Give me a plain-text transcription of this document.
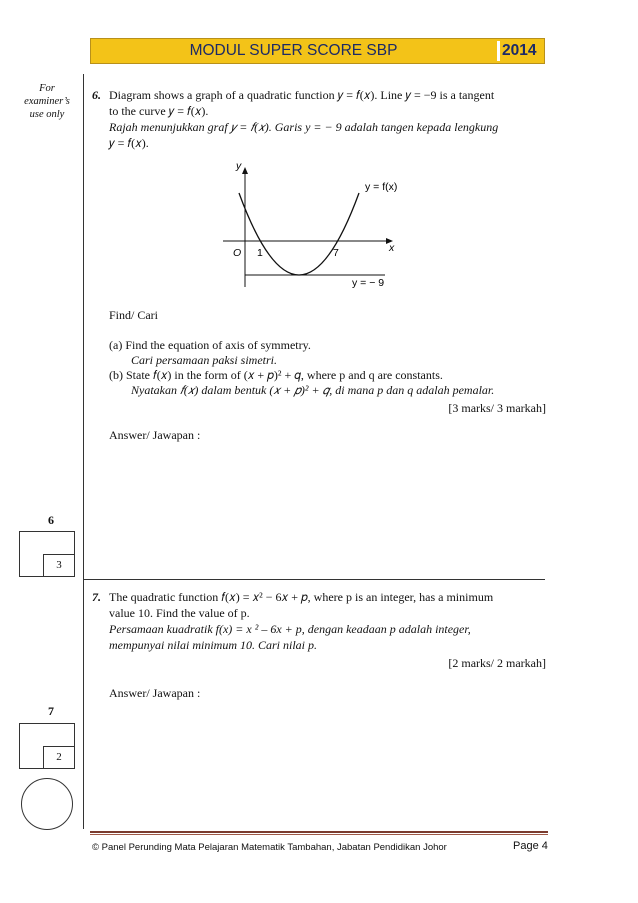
MODUL SUPER SCORE SBP	2014
For examiner’s use only
6. Diagram shows a graph of a quadratic function 𝑦 = 𝑓(𝑥). Line 𝑦 = −9 is a tangent
to the curve 𝑦 = 𝑓(𝑥).
Rajah menunjukkan graf 𝑦 = 𝑓(𝑥). Garis y = − 9 adalah tangen kepada lengkung
𝑦 = 𝑓(𝑥).
y
x
y = f(x)
O 1	7
y = − 9
Find/ Cari
(a) Find the equation of axis of symmetry.
Cari persamaan paksi simetri.
(b) State 𝑓(𝑥) in the form of (𝑥 + 𝑝)² + 𝑞, where p and q are constants.
Nyatakan 𝑓(𝑥) dalam bentuk (𝑥 + 𝑝)² + 𝑞, di mana p dan q adalah pemalar.
[3 marks/ 3 markah]
Answer/ Jawapan :
6
3
7. The quadratic function 𝑓(𝑥) = 𝑥² − 6𝑥 + 𝑝, where p is an integer, has a minimum
value 10. Find the value of p.
Persamaan kuadratik f(x) = x ² – 6x + p, dengan keadaan p adalah integer,
mempunyai nilai minimum 10. Cari nilai p.
[2 marks/ 2 markah]
Answer/ Jawapan :
7
2
© Panel Perunding Mata Pelajaran Matematik Tambahan, Jabatan Pendidikan Johor	Page 4
